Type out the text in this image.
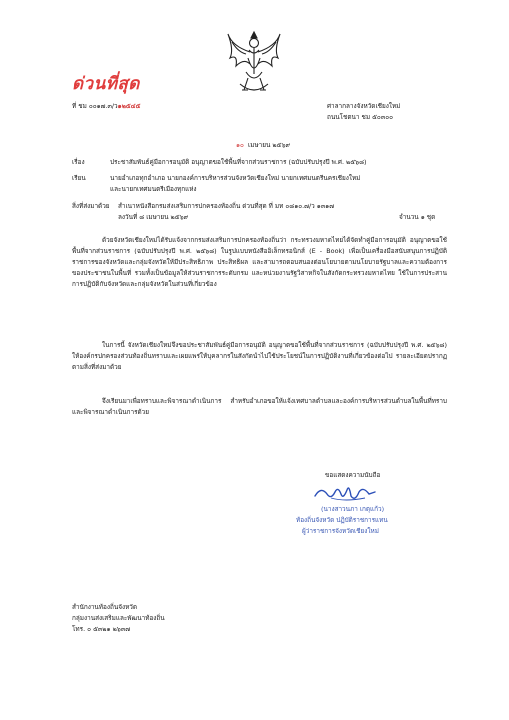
ด่วนที่สุด
ที่ ชม ๐๐๑๗.๓/ว๑๒๕๔๕	ศาลากลางจังหวัดเชียงใหม่
ถนนโชตนา ชม ๕๐๓๐๐
๑๐ เมษายน ๒๕๖๙
เรื่อง	ประชาสัมพันธ์คู่มือการอนุมัติ อนุญาตขอใช้พื้นที่จากส่วนราชการ (ฉบับปรับปรุงปี พ.ศ. ๒๕๖๘)
เรียน	นายอำเภอทุกอำเภอ นายกองค์การบริหารส่วนจังหวัดเชียงใหม่ นายกเทศมนตรีนครเชียงใหม่
และนายกเทศมนตรีเมืองทุกแห่ง
สิ่งที่ส่งมาด้วย สำเนาหนังสือกรมส่งเสริมการปกครองท้องถิ่น ด่วนที่สุด ที่ มท ๐๘๑๐.๗/ว ๑๓๑๗
ลงวันที่ ๘ เมษายน ๒๕๖๙	จำนวน ๑ ชุด
ด้วยจังหวัดเชียงใหม่ได้รับแจ้งจากกรมส่งเสริมการปกครองท้องถิ่นว่า กระทรวงมหาดไทยได้จัดทำคู่มือการอนุมัติ อนุญาตขอใช้พื้นที่จากส่วนราชการ (ฉบับปรับปรุงปี พ.ศ. ๒๕๖๘) ในรูปแบบหนังสืออิเล็กทรอนิกส์ (E - Book) เพื่อเป็นเครื่องมือสนับสนุนการปฏิบัติราชการของจังหวัดและกลุ่มจังหวัดให้มีประสิทธิภาพ ประสิทธิผล และสามารถตอบสนองต่อนโยบายตามนโยบายรัฐบาลและความต้องการของประชาชนในพื้นที่ รวมทั้งเป็นข้อมูลให้ส่วนราชการระดับกรม และหน่วยงานรัฐวิสาหกิจในสังกัดกระทรวงมหาดไทย ใช้ในการประสานการปฏิบัติกับจังหวัดและกลุ่มจังหวัดในส่วนที่เกี่ยวข้อง
ในการนี้ จังหวัดเชียงใหม่จึงขอประชาสัมพันธ์คู่มือการอนุมัติ อนุญาตขอใช้พื้นที่จากส่วนราชการ (ฉบับปรับปรุงปี พ.ศ. ๒๕๖๘) ให้องค์กรปกครองส่วนท้องถิ่นทราบและเผยแพร่ให้บุคลากรในสังกัดนำไปใช้ประโยชน์ในการปฏิบัติงานที่เกี่ยวข้องต่อไป รายละเอียดปรากฏตามสิ่งที่ส่งมาด้วย
จึงเรียนมาเพื่อทราบและพิจารณาดำเนินการ สำหรับอำเภอขอให้แจ้งเทศบาลตำบลและองค์การบริหารส่วนตำบลในพื้นที่ทราบและพิจารณาดำเนินการด้วย
ขอแสดงความนับถือ
(นางสาวนภา เกตุแก้ว)
ท้องถิ่นจังหวัด ปฏิบัติราชการแทน
ผู้ว่าราชการจังหวัดเชียงใหม่
สำนักงานท้องถิ่นจังหวัด
กลุ่มงานส่งเสริมและพัฒนาท้องถิ่น
โทร. ๐ ๕๓๒๑ ๒๖๓๗
